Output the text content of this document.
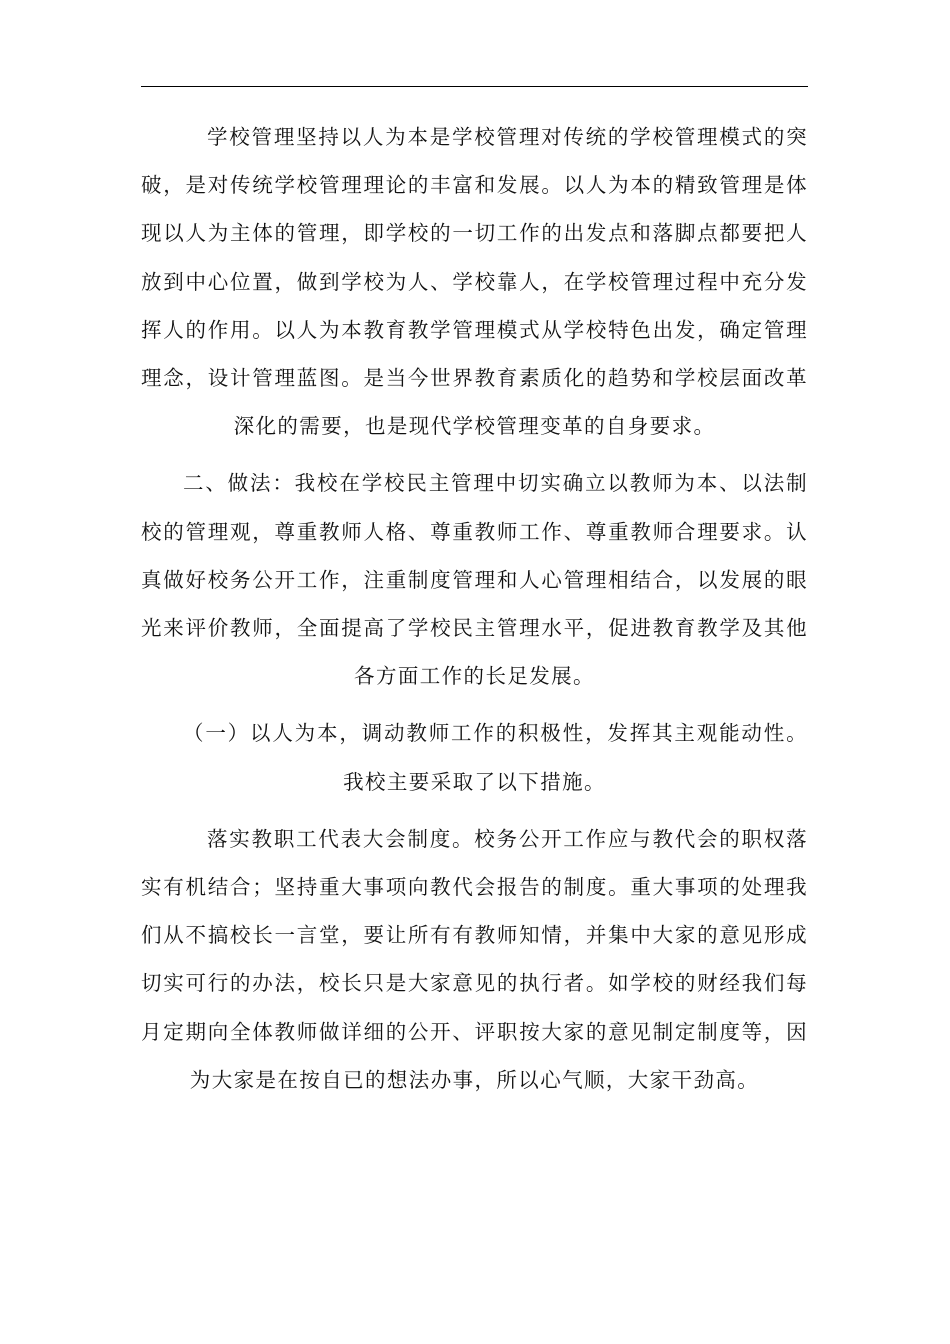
学校管理坚持以人为本是学校管理对传统的学校管理模式的突破，是对传统学校管理理论的丰富和发展。以人为本的精致管理是体现以人为主体的管理，即学校的一切工作的出发点和落脚点都要把人放到中心位置，做到学校为人、学校靠人，在学校管理过程中充分发挥人的作用。以人为本教育教学管理模式从学校特色出发，确定管理理念，设计管理蓝图。是当今世界教育素质化的趋势和学校层面改革深化的需要，也是现代学校管理变革的自身要求。

二、做法：我校在学校民主管理中切实确立以教师为本、以法制校的管理观，尊重教师人格、尊重教师工作、尊重教师合理要求。认真做好校务公开工作，注重制度管理和人心管理相结合，以发展的眼光来评价教师，全面提高了学校民主管理水平，促进教育教学及其他各方面工作的长足发展。

（一）以人为本，调动教师工作的积极性，发挥其主观能动性。我校主要采取了以下措施。

落实教职工代表大会制度。校务公开工作应与教代会的职权落实有机结合；坚持重大事项向教代会报告的制度。重大事项的处理我们从不搞校长一言堂，要让所有有教师知情，并集中大家的意见形成切实可行的办法，校长只是大家意见的执行者。如学校的财经我们每月定期向全体教师做详细的公开、评职按大家的意见制定制度等，因为大家是在按自已的想法办事，所以心气顺，大家干劲高。
